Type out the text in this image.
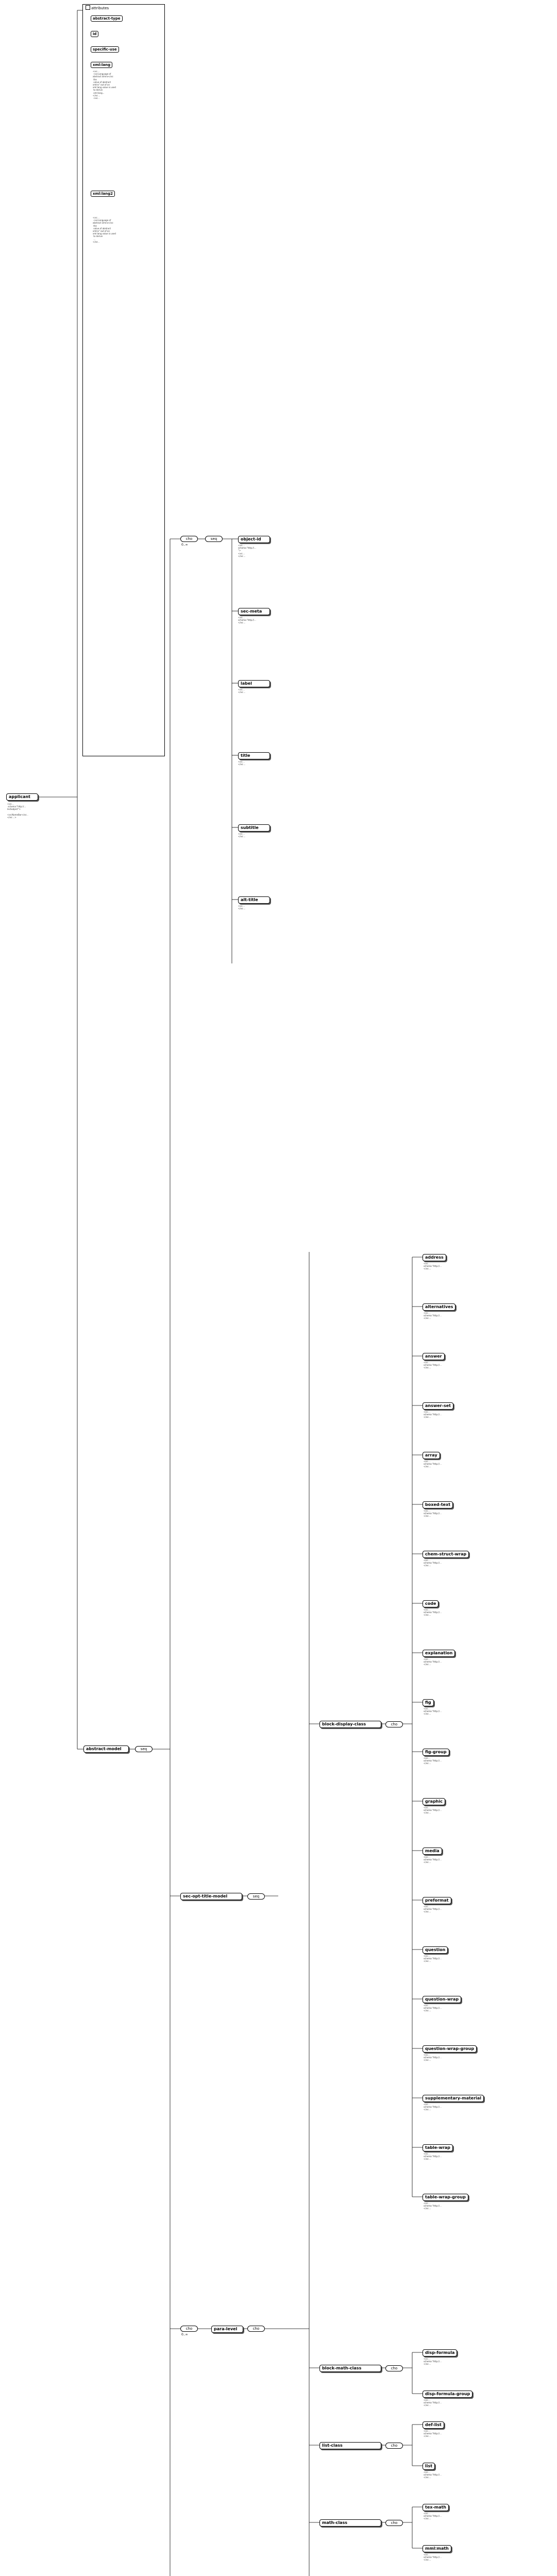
applicant
<xs:...
schema:"http://...
lecSubject">

<xs:NameBar</xs:..
</xs:...>
attributes
abstract-type
id
specific-use
xml:lang
<xs:...
<xs:Language of
abstract xlmns</xs:
the
value of abstract
xmlns" out of an
xml:lang value is used
to derive
xml:lang...
</xs:...
<xs:..

xml:lang2
<xs:...
<xs:Language of
abstract xlmns</xs:
the
value of abstract
xmlns" out of an
xml:lang value is used
to derive
...
</xs:..

abstract-model	seq
cho
0..∞
seq	object-id
<xs:...
schema:"http://...
">
<xs:...
</xs:...
sec-meta
<xs:...
schema:"http://...
</xs:...
label
<xs:...
</xs:...
title
<xs:...
</xs:...
subtitle
<xs:...
</xs:...
alt-title
<xs:...
</xs:...
sec-opt-title-model	seq
cho
0..∞
para-level	cho
block-display-class	cho
address
<xs:...
schema:"http://...
</xs:...
alternatives
<xs:...
schema:"http://...
</xs:...
answer
<xs:...
schema:"http://...
</xs:...
answer-set
<xs:...
schema:"http://...
</xs:...
array
<xs:...
schema:"http://...
</xs:...
boxed-text
<xs:...
schema:"http://...
</xs:...
chem-struct-wrap
<xs:...
schema:"http://...
</xs:...
code
<xs:...
schema:"http://...
</xs:...
explanation
<xs:...
schema:"http://...
</xs:...
fig
<xs:...
schema:"http://...
</xs:...
fig-group
<xs:...
schema:"http://...
</xs:...
graphic
<xs:...
schema:"http://...
</xs:...
media
<xs:...
schema:"http://...
</xs:...
preformat
<xs:...
schema:"http://...
</xs:...
question
<xs:...
schema:"http://...
</xs:...
question-wrap
<xs:...
schema:"http://...
</xs:...
question-wrap-group
<xs:...
schema:"http://...
</xs:...
supplementary-material
<xs:...
schema:"http://...
</xs:...
table-wrap
<xs:...
schema:"http://...
</xs:...
table-wrap-group
<xs:...
schema:"http://...
</xs:...
block-math-class	cho
disp-formula
<xs:...
schema:"http://...
</xs:...
disp-formula-group
<xs:...
schema:"http://...
</xs:...
list-class	cho
def-list
<xs:...
schema:"http://...
</xs:...
list
<xs:...
schema:"http://...
</xs:...
math-class	cho
tex-math
<xs:...
schema:"http://...
</xs:...
mml:math
<xs:...
schema:"http://...
</xs:...
